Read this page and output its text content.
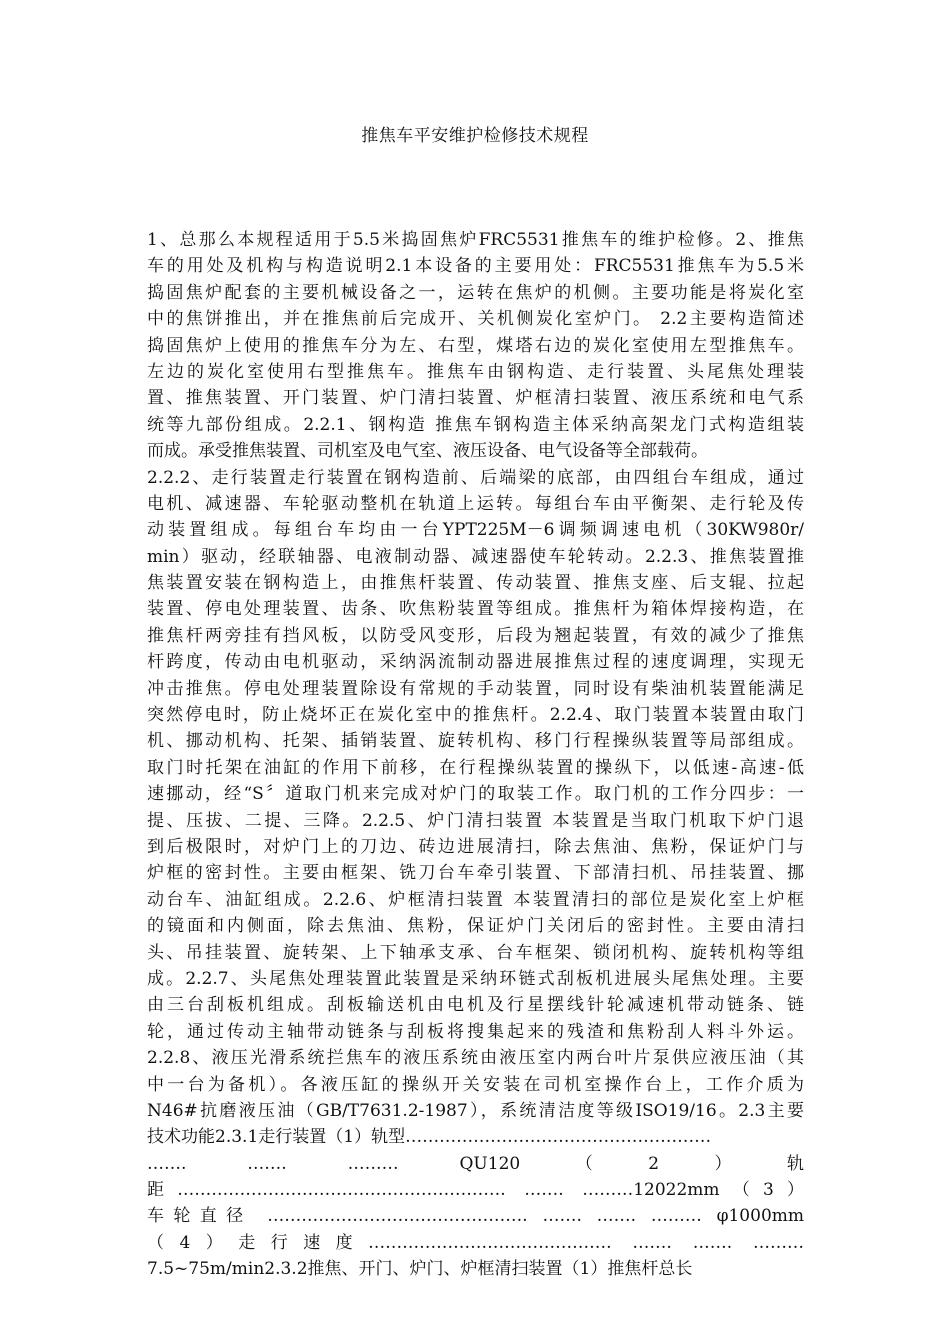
推焦车平安维护检修技术规程
1、总那么本规程适用于5.5米捣固焦炉FRC5531推焦车的维护检修。2、推焦
车的用处及机构与构造说明2.1本设备的主要用处：FRC5531推焦车为5.5米
捣固焦炉配套的主要机械设备之一，运转在焦炉的机侧。主要功能是将炭化室
中的焦饼推出，并在推焦前后完成开、关机侧炭化室炉门。 2.2主要构造简述
捣固焦炉上使用的推焦车分为左、右型，煤塔右边的炭化室使用左型推焦车。
左边的炭化室使用右型推焦车。推焦车由钢构造、走行装置、头尾焦处理装
置、推焦装置、开门装置、炉门清扫装置、炉框清扫装置、液压系统和电气系
统等九部份组成。2.2.1、钢构造 推焦车钢构造主体采纳高架龙门式构造组装
而成。承受推焦装置、司机室及电气室、液压设备、电气设备等全部载荷。
2.2.2、走行装置走行装置在钢构造前、后端梁的底部，由四组台车组成，通过
电机、减速器、车轮驱动整机在轨道上运转。每组台车由平衡架、走行轮及传
动装置组成。每组台车均由一台YPT225M－6调频调速电机（30KW980r/
min）驱动，经联轴器、电液制动器、减速器使车轮转动。2.2.3、推焦装置推
焦装置安装在钢构造上，由推焦杆装置、传动装置、推焦支座、后支辊、拉起
装置、停电处理装置、齿条、吹焦粉装置等组成。推焦杆为箱体焊接构造，在
推焦杆两旁挂有挡风板，以防受风变形，后段为翘起装置，有效的减少了推焦
杆跨度，传动由电机驱动，采纳涡流制动器进展推焦过程的速度调理，实现无
冲击推焦。停电处理装置除设有常规的手动装置，同时设有柴油机装置能满足
突然停电时，防止烧坏正在炭化室中的推焦杆。2.2.4、取门装置本装置由取门
机、挪动机构、托架、插销装置、旋转机构、移门行程操纵装置等局部组成。
取门时托架在油缸的作用下前移，在行程操纵装置的操纵下，以低速-高速-低
速挪动，经“S〞道取门机来完成对炉门的取装工作。取门机的工作分四步：一
提、压拔、二提、三降。2.2.5、炉门清扫装置 本装置是当取门机取下炉门退
到后极限时，对炉门上的刀边、砖边进展清扫，除去焦油、焦粉，保证炉门与
炉框的密封性。主要由框架、铣刀台车牵引装置、下部清扫机、吊挂装置、挪
动台车、油缸组成。2.2.6、炉框清扫装置 本装置清扫的部位是炭化室上炉框
的镜面和内侧面，除去焦油、焦粉，保证炉门关闭后的密封性。主要由清扫
头、吊挂装置、旋转架、上下轴承支承、台车框架、锁闭机构、旋转机构等组
成。2.2.7、头尾焦处理装置此装置是采纳环链式刮板机进展头尾焦处理。主要
由三台刮板机组成。刮板输送机由电机及行星摆线针轮减速机带动链条、链
轮，通过传动主轴带动链条与刮板将搜集起来的残渣和焦粉刮人料斗外运。
2.2.8、液压光滑系统拦焦车的液压系统由液压室内两台叶片泵供应液压油（其
中一台为备机）。各液压缸的操纵开关安装在司机室操作台上，工作介质为
N46#抗磨液压油（GB/T7631.2-1987），系统清洁度等级ISO19/16。2.3主要
技术功能2.3.1走行装置（1）轨型………………………………………………
……. ……. ……… QU120（2）轨
距…………………………………………………. ……. ………12022mm（3）
车轮直径 ………………………………………. ……. ……. ……… φ1000mm
（4）走行速度……………………………………. ……. ……. ………
7.5~75m/min2.3.2推焦、开门、炉门、炉框清扫装置（1）推焦杆总长
